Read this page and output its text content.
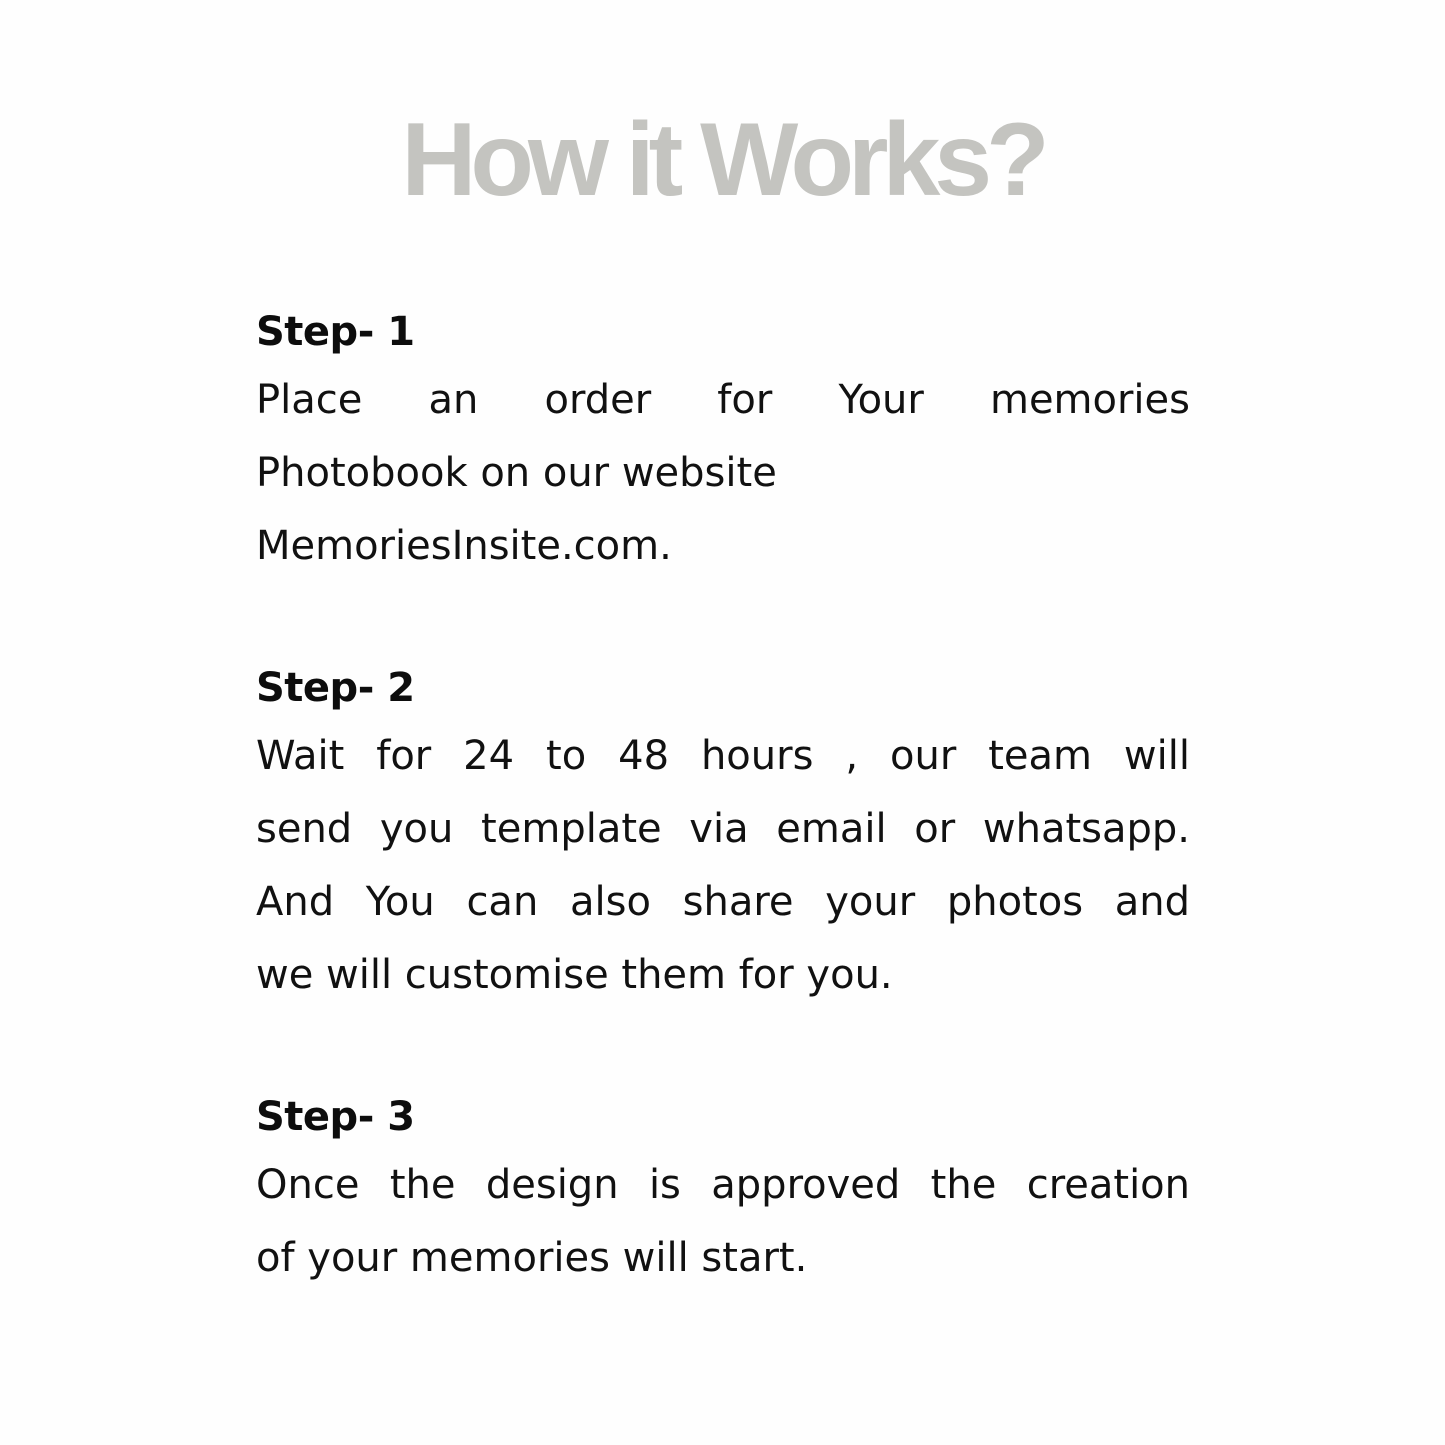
How it Works?

Step- 1

Place an order for Your memories
Photobook on our website
MemoriesInsite.com.

Step- 2

Wait for 24 to 48 hours , our team will
send you template via email or whatsapp.
And You can also share your photos and
we will customise them for you.

Step- 3

Once the design is approved the creation
of your memories will start.
